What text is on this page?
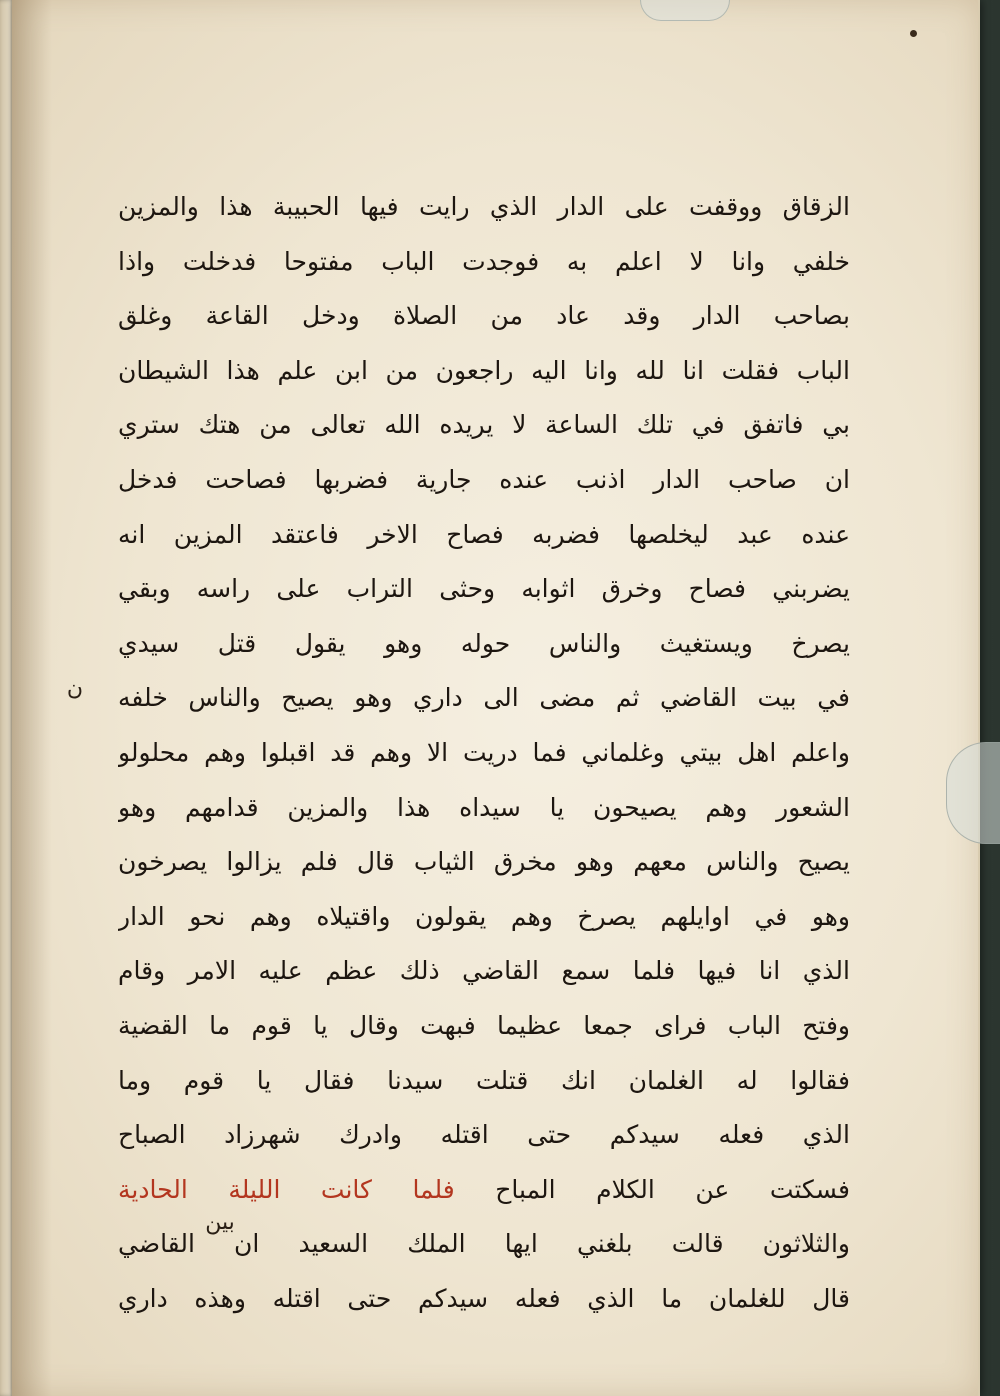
الزقاق ووقفت على الدار الذي رايت فيها الحبيبة هذا والمزين
خلفي وانا لا اعلم به فوجدت الباب مفتوحا فدخلت واذا
بصاحب الدار وقد عاد من الصلاة ودخل القاعة وغلق
الباب فقلت انا لله وانا اليه راجعون من ابن علم هذا الشيطان
بي فاتفق في تلك الساعة لا يريده الله تعالى من هتك ستري
ان صاحب الدار اذنب عنده جارية فضربها فصاحت فدخل
عنده عبد ليخلصها فضربه فصاح الاخر فاعتقد المزين انه
يضربني فصاح وخرق اثوابه وحثى التراب على راسه وبقي
يصرخ ويستغيث والناس حوله وهو يقول قتل سيدي
في بيت القاضي ثم مضى الى داري وهو يصيح والناس خلفه
واعلم اهل بيتي وغلماني فما دريت الا وهم قد اقبلوا وهم محلولو
الشعور وهم يصيحون يا سيداه هذا والمزين قدامهم وهو
يصيح والناس معهم وهو مخرق الثياب قال فلم يزالوا يصرخون
وهو في اوايلهم يصرخ وهم يقولون واقتيلاه وهم نحو الدار
الذي انا فيها فلما سمع القاضي ذلك عظم عليه الامر وقام
وفتح الباب فراى جمعا عظيما فبهت وقال يا قوم ما القضية
فقالوا له الغلمان انك قتلت سيدنا فقال يا قوم وما
الذي فعله سيدكم حتى اقتله وادرك شهرزاد الصباح
فسكتت عن الكلام المباح فلما كانت الليلة الحادية
والثلاثون قالت بلغني ايها الملك السعيد ان القاضي
قال للغلمان ما الذي فعله سيدكم حتى اقتله وهذه داري
ن
بين
